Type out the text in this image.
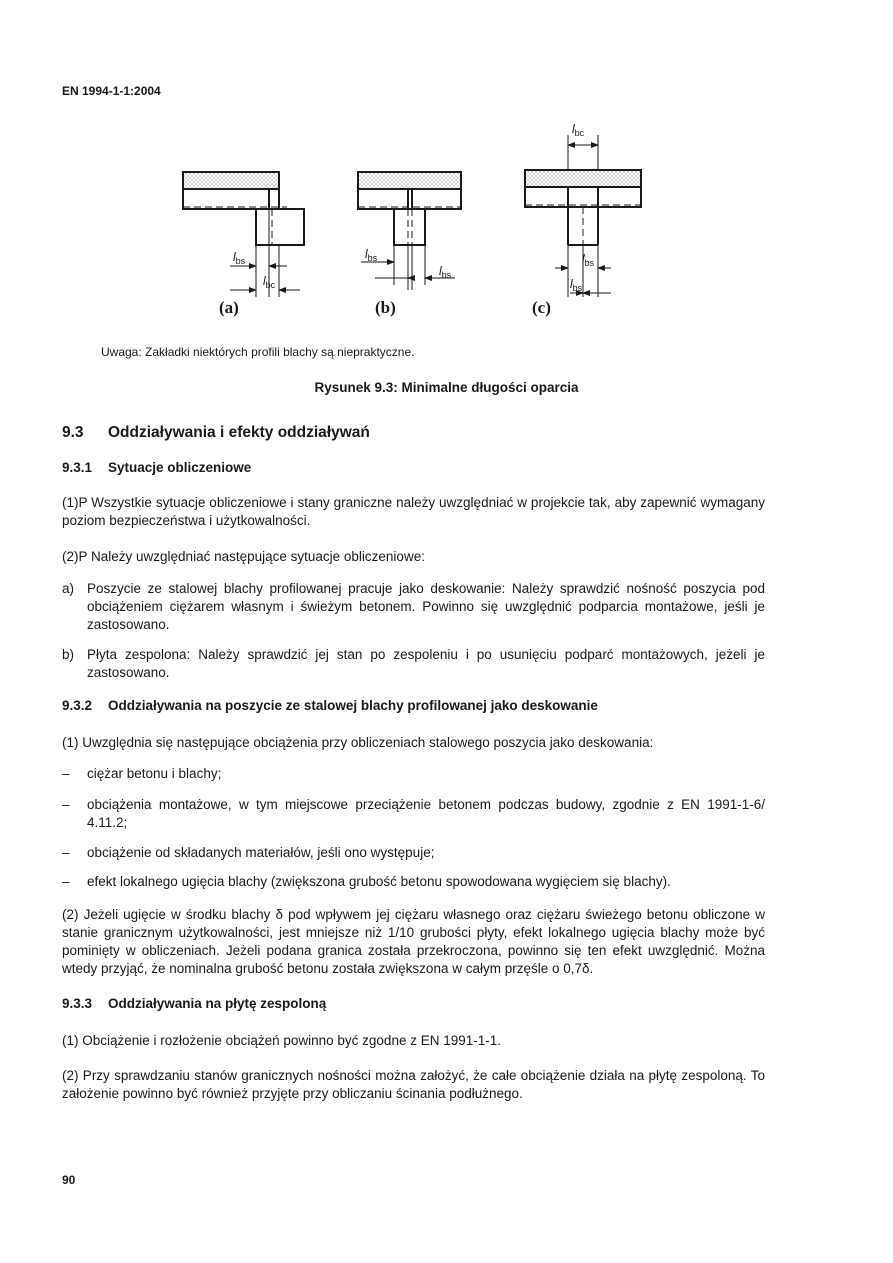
EN 1994-1-1:2004
$l_{bc}$
$l_{bs}$
$l_{bc}$
$l_{bs}$
$l_{bs}$
$l_{bs}$
$l_{bs}$
(a)	(b)	(c)
Uwaga: Zakładki niektórych profili blachy są niepraktyczne.
Rysunek 9.3: Minimalne długości oparcia
9.3 Oddziaływania i efekty oddziaływań
9.3.1 Sytuacje obliczeniowe
(1)P Wszystkie sytuacje obliczeniowe i stany graniczne należy uwzględniać w projekcie tak, aby zapewnić wymagany poziom bezpieczeństwa i użytkowalności.
(2)P Należy uwzględniać następujące sytuacje obliczeniowe:
a) Poszycie ze stalowej blachy profilowanej pracuje jako deskowanie: Należy sprawdzić nośność poszycia pod obciążeniem ciężarem własnym i świeżym betonem. Powinno się uwzględnić podparcia montażowe, jeśli je zastosowano.
b) Płyta zespolona: Należy sprawdzić jej stan po zespoleniu i po usunięciu podparć montażowych, jeżeli je zastosowano.
9.3.2 Oddziaływania na poszycie ze stalowej blachy profilowanej jako deskowanie
(1) Uwzględnia się następujące obciążenia przy obliczeniach stalowego poszycia jako deskowania:
– ciężar betonu i blachy;
– obciążenia montażowe, w tym miejscowe przeciążenie betonem podczas budowy, zgodnie z EN 1991-1-6/ 4.11.2;
– obciążenie od składanych materiałów, jeśli ono występuje;
– efekt lokalnego ugięcia blachy (zwiększona grubość betonu spowodowana wygięciem się blachy).
(2) Jeżeli ugięcie w środku blachy δ pod wpływem jej ciężaru własnego oraz ciężaru świeżego betonu obliczone w stanie granicznym użytkowalności, jest mniejsze niż 1/10 grubości płyty, efekt lokalnego ugięcia blachy może być pominięty w obliczeniach. Jeżeli podana granica została przekroczona, powinno się ten efekt uwzględnić. Można wtedy przyjąć, że nominalna grubość betonu została zwiększona w całym przęśle o 0,7δ.
9.3.3 Oddziaływania na płytę zespoloną
(1) Obciążenie i rozłożenie obciążeń powinno być zgodne z EN 1991-1-1.
(2) Przy sprawdzaniu stanów granicznych nośności można założyć, że całe obciążenie działa na płytę zespoloną. To założenie powinno być również przyjęte przy obliczaniu ścinania podłużnego.
90
